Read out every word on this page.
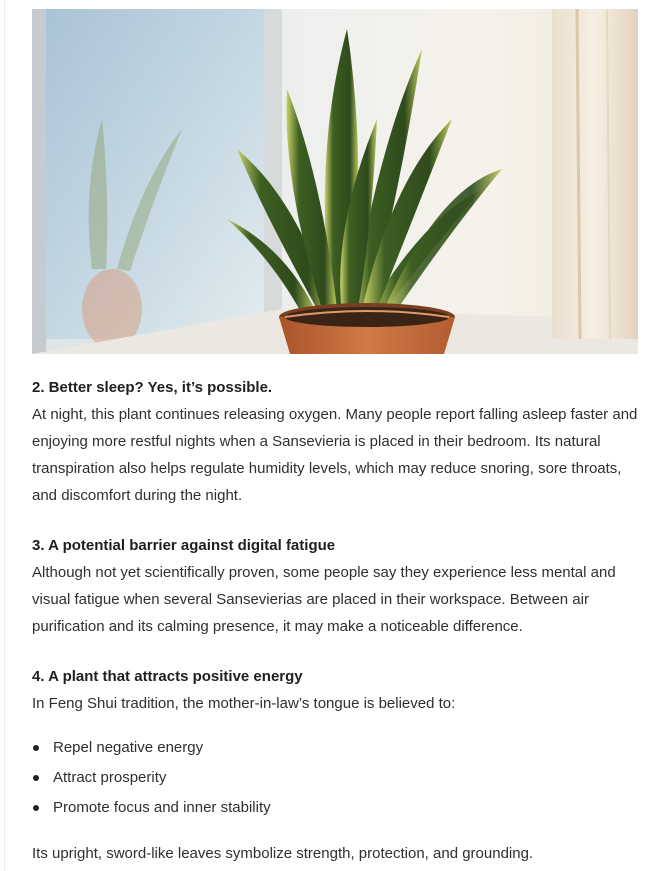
2. Better sleep? Yes, it’s possible.

At night, this plant continues releasing oxygen. Many people report falling asleep faster and enjoying more restful nights when a Sansevieria is placed in their bedroom. Its natural transpiration also helps regulate humidity levels, which may reduce snoring, sore throats, and discomfort during the night.

3. A potential barrier against digital fatigue

Although not yet scientifically proven, some people say they experience less mental and visual fatigue when several Sansevierias are placed in their workspace. Between air purification and its calming presence, it may make a noticeable difference.

4. A plant that attracts positive energy

In Feng Shui tradition, the mother-in-law’s tongue is believed to:

Repel negative energy
Attract prosperity
Promote focus and inner stability

Its upright, sword-like leaves symbolize strength, protection, and grounding.
